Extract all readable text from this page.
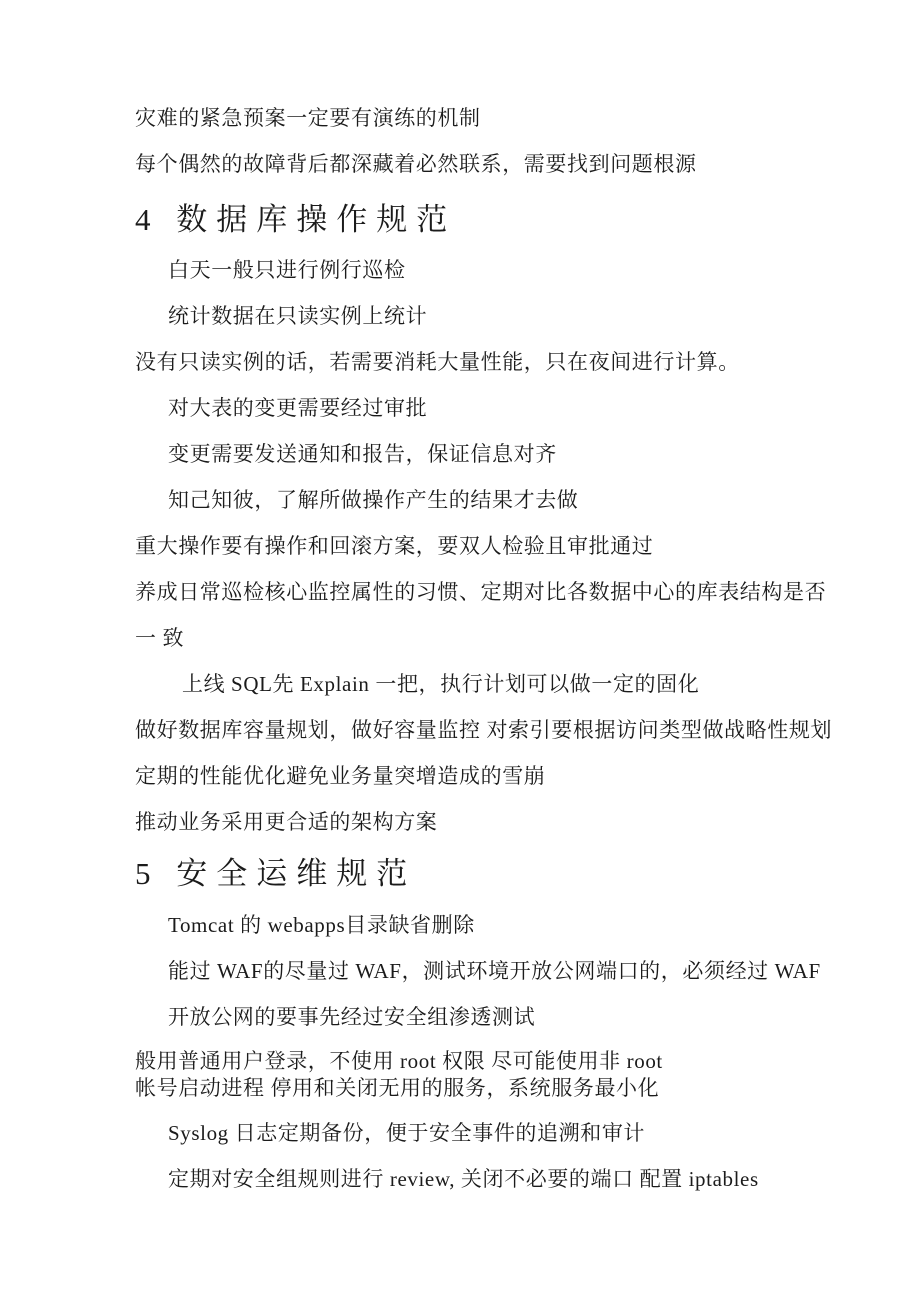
灾难的紧急预案一定要有演练的机制

每个偶然的故障背后都深藏着必然联系，需要找到问题根源

4 数据库操作规范

白天一般只进行例行巡检

统计数据在只读实例上统计

没有只读实例的话，若需要消耗大量性能，只在夜间进行计算。

对大表的变更需要经过审批

变更需要发送通知和报告，保证信息对齐

知己知彼，了解所做操作产生的结果才去做

重大操作要有操作和回滚方案，要双人检验且审批通过

养成日常巡检核心监控属性的习惯、定期对比各数据中心的库表结构是否

一 致

上线 SQL先 Explain 一把，执行计划可以做一定的固化

做好数据库容量规划，做好容量监控 对索引要根据访问类型做战略性规划

定期的性能优化避免业务量突增造成的雪崩

推动业务采用更合适的架构方案

5 安全运维规范

Tomcat 的 webapps目录缺省删除

能过 WAF的尽量过 WAF，测试环境开放公网端口的，必须经过 WAF

开放公网的要事先经过安全组渗透测试

般用普通用户登录，不使用 root 权限 尽可能使用非 root

帐号启动进程 停用和关闭无用的服务，系统服务最小化

Syslog 日志定期备份，便于安全事件的追溯和审计

定期对安全组规则进行 review, 关闭不必要的端口 配置 iptables
